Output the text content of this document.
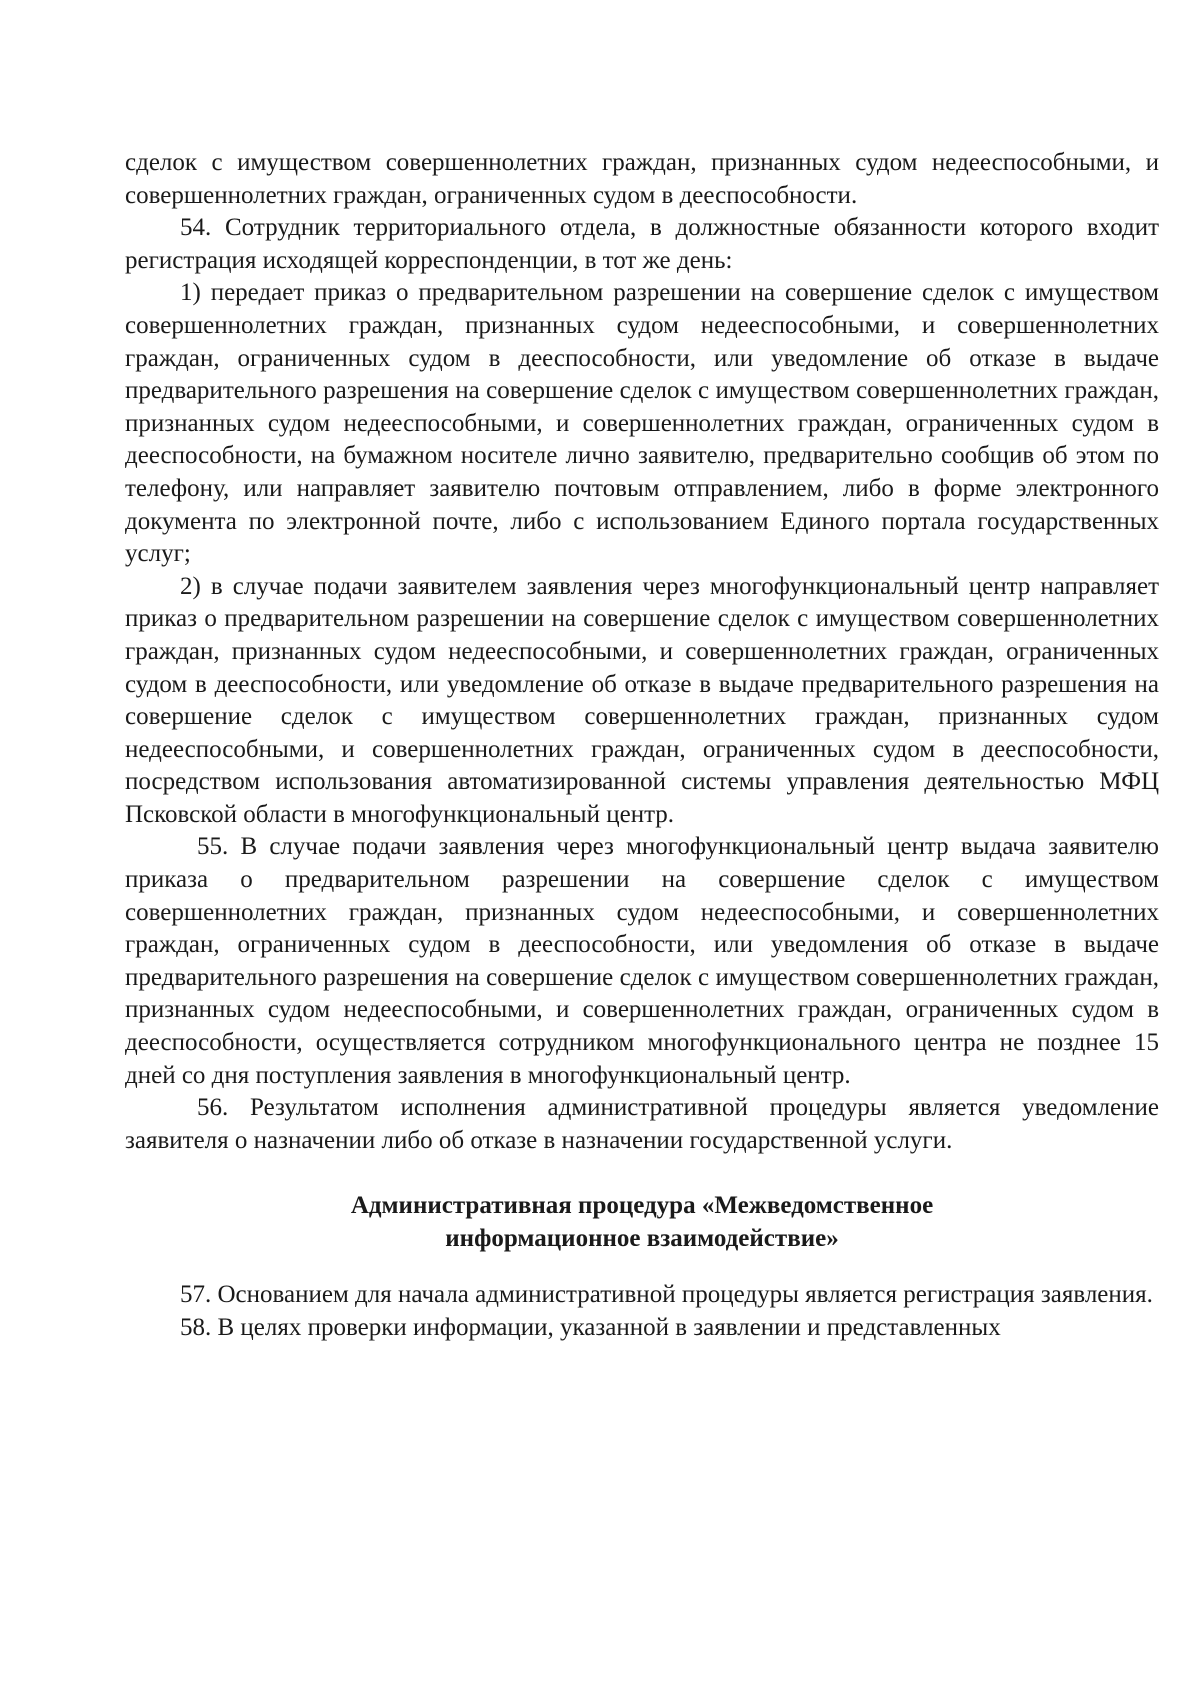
сделок с имуществом совершеннолетних граждан, признанных судом недееспособными, и совершеннолетних граждан, ограниченных судом в дееспособности.

54. Сотрудник территориального отдела, в должностные обязанности которого входит регистрация исходящей корреспонденции, в тот же день:

1) передает приказ о предварительном разрешении на совершение сделок с имуществом совершеннолетних граждан, признанных судом недееспособными, и совершеннолетних граждан, ограниченных судом в дееспособности, или уведомление об отказе в выдаче предварительного разрешения на совершение сделок с имуществом совершеннолетних граждан, признанных судом недееспособными, и совершеннолетних граждан, ограниченных судом в дееспособности, на бумажном носителе лично заявителю, предварительно сообщив об этом по телефону, или направляет заявителю почтовым отправлением, либо в форме электронного документа по электронной почте, либо с использованием Единого портала государственных услуг;

2) в случае подачи заявителем заявления через многофункциональный центр направляет приказ о предварительном разрешении на совершение сделок с имуществом совершеннолетних граждан, признанных судом недееспособными, и совершеннолетних граждан, ограниченных судом в дееспособности, или уведомление об отказе в выдаче предварительного разрешения на совершение сделок с имуществом совершеннолетних граждан, признанных судом недееспособными, и совершеннолетних граждан, ограниченных судом в дееспособности, посредством использования автоматизированной системы управления деятельностью МФЦ Псковской области в многофункциональный центр.

55. В случае подачи заявления через многофункциональный центр выдача заявителю приказа о предварительном разрешении на совершение сделок с имуществом совершеннолетних граждан, признанных судом недееспособными, и совершеннолетних граждан, ограниченных судом в дееспособности, или уведомления об отказе в выдаче предварительного разрешения на совершение сделок с имуществом совершеннолетних граждан, признанных судом недееспособными, и совершеннолетних граждан, ограниченных судом в дееспособности, осуществляется сотрудником многофункционального центра не позднее 15 дней со дня поступления заявления в многофункциональный центр.

56. Результатом исполнения административной процедуры является уведомление заявителя о назначении либо об отказе в назначении государственной услуги.

Административная процедура «Межведомственное
информационное взаимодействие»

57. Основанием для начала административной процедуры является регистрация заявления.

58. В целях проверки информации, указанной в заявлении и представленных
